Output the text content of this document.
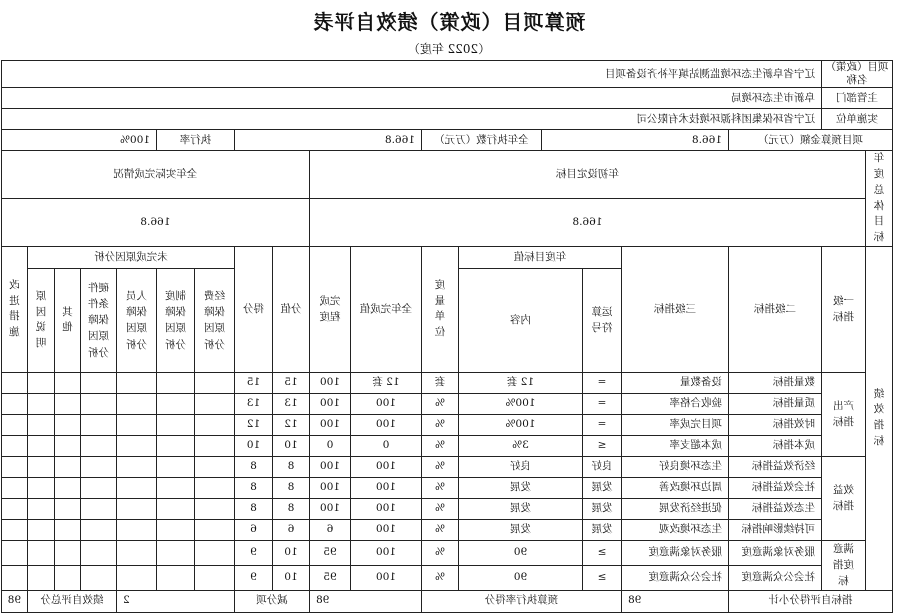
预算项目（政策）绩效自评表
（2022 年度）
项目（政策）名称		辽宁省阜新生态环境监测站填平补齐设备项目																
主管部门		阜新市生态环境局																
实施单位		辽宁省环保集团科源环境技术有限公司																
项目预算金额（万元）			166.8			全年执行数（万元）		166.8				执行率		100%				
年度总体目标	年初设定目标									全年实际完成情况								
	166.8									166.8								
绩效指标	一级指标	二级指标	三级指标	年度目标值			度量单位	全年完成值	完成程度	分值	得分	未完成原因分析						改进措施
				运算符号	内容							经费保障原因分析	制度保障原因分析	人员保障原因分析	硬件条件保障原因分析	其他	原因说明	
	产出指标	数量指标	设备数量	=	12 套		套	12 套	100	15	15							
		质量指标	验收合格率	=	100%		%	100	100	13	13							
		时效指标	项目完成率	=	100%		%	100	100	12	12							
		成本指标	成本超支率	≤	3%		%	0	0	10	10							
	效益指标	经济效益指标	生态环境良好	良好	良好		%	100	100	8	8							
		社会效益指标	周边环境改善	发展	发展		%	100	100	8	8							
		生态效益指标	促进经济发展	发展	发展		%	100	100	8	8							
		可持续影响指标	生态环境改观	发展	发展		%	100	6	6	6							
	满意度指标	服务对象满意度	服务对象满意度	≥	90		%	100	95	10	9							
		社会公众满意度	社会公众满意度	≥	90		%	100	95	10	9							
指标自评得分小计			98	预算执行率得分				98		减分项		2			绩效自评总分			98
